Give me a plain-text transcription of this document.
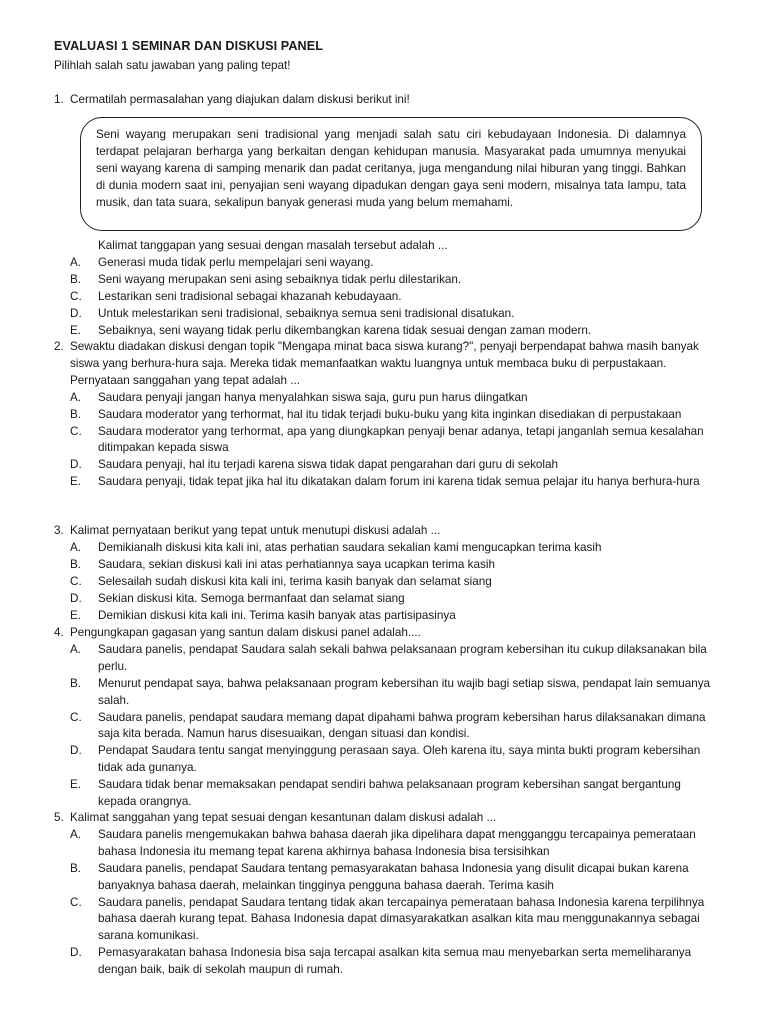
EVALUASI 1 SEMINAR DAN DISKUSI PANEL
Pilihlah salah satu jawaban yang paling tepat!
1. Cermatilah permasalahan yang diajukan dalam diskusi berikut ini!

Seni wayang merupakan seni tradisional yang menjadi salah satu ciri kebudayaan Indonesia. Di dalamnya terdapat pelajaran berharga yang berkaitan dengan kehidupan manusia. Masyarakat pada umumnya menyukai seni wayang karena di samping menarik dan padat ceritanya, juga mengandung nilai hiburan yang tinggi. Bahkan di dunia modern saat ini, penyajian seni wayang dipadukan dengan gaya seni modern, misalnya tata lampu, tata musik, dan tata suara, sekalipun banyak generasi muda yang belum memahami.

Kalimat tanggapan yang sesuai dengan masalah tersebut adalah ...
A.	Generasi muda tidak perlu mempelajari seni wayang.
B.	Seni wayang merupakan seni asing sebaiknya tidak perlu dilestarikan.
C.	Lestarikan seni tradisional sebagai khazanah kebudayaan.
D.	Untuk melestarikan seni tradisional, sebaiknya semua seni tradisional disatukan.
E.	Sebaiknya, seni wayang tidak perlu dikembangkan karena tidak sesuai dengan zaman modern.
2. Sewaktu diadakan diskusi dengan topik "Mengapa minat baca siswa kurang?", penyaji berpendapat bahwa masih banyak siswa yang berhura-hura saja. Mereka tidak memanfaatkan waktu luangnya untuk membaca buku di perpustakaan. Pernyataan sanggahan yang tepat adalah ...
A.	Saudara penyaji jangan hanya menyalahkan siswa saja, guru pun harus diingatkan
B.	Saudara moderator yang terhormat, hal itu tidak terjadi buku-buku yang kita inginkan disediakan di perpustakaan
C.	Saudara moderator yang terhormat, apa yang diungkapkan penyaji benar adanya, tetapi janganlah semua kesalahan ditimpakan kepada siswa
D.	Saudara penyaji, hal itu terjadi karena siswa tidak dapat pengarahan dari guru di sekolah
E.	Saudara penyaji, tidak tepat jika hal itu dikatakan dalam forum ini karena tidak semua pelajar itu hanya berhura-hura
3. Kalimat pernyataan berikut yang tepat untuk menutupi diskusi adalah ...
A.	Demikianalh diskusi kita kali ini, atas perhatian saudara sekalian kami mengucapkan terima kasih
B.	Saudara, sekian diskusi kali ini atas perhatiannya saya ucapkan terima kasih
C.	Selesailah sudah diskusi kita kali ini, terima kasih banyak dan selamat siang
D.	Sekian diskusi kita. Semoga bermanfaat dan selamat siang
E.	Demikian diskusi kita kali ini. Terima kasih banyak atas partisipasinya
4. Pengungkapan gagasan yang santun dalam diskusi panel adalah....
A.	Saudara panelis, pendapat Saudara salah sekali bahwa pelaksanaan program kebersihan itu cukup dilaksanakan bila perlu.
B.	Menurut pendapat saya, bahwa pelaksanaan program kebersihan itu wajib bagi setiap siswa, pendapat lain semuanya salah.
C.	Saudara panelis, pendapat saudara memang dapat dipahami bahwa program kebersihan harus dilaksanakan dimana saja kita berada. Namun harus disesuaikan, dengan situasi dan kondisi.
D.	Pendapat Saudara tentu sangat menyinggung perasaan saya. Oleh karena itu, saya minta bukti program kebersihan tidak ada gunanya.
E.	Saudara tidak benar memaksakan pendapat sendiri bahwa pelaksanaan program kebersihan sangat bergantung kepada orangnya.
5. Kalimat sanggahan yang tepat sesuai dengan kesantunan dalam diskusi adalah ...
A.	Saudara panelis mengemukakan bahwa bahasa daerah jika dipelihara dapat mengganggu tercapainya pemerataan bahasa Indonesia itu memang tepat karena akhirnya bahasa Indonesia bisa tersisihkan
B.	Saudara panelis, pendapat Saudara tentang pemasyarakatan bahasa Indonesia yang disulit dicapai bukan karena banyaknya bahasa daerah, melainkan tingginya pengguna bahasa daerah. Terima kasih
C.	Saudara panelis, pendapat Saudara tentang tidak akan tercapainya pemerataan bahasa Indonesia karena terpilihnya bahasa daerah kurang tepat. Bahasa Indonesia dapat dimasyarakatkan asalkan kita mau menggunakannya sebagai sarana komunikasi.
D.	Pemasyarakatan bahasa Indonesia bisa saja tercapai asalkan kita semua mau menyebarkan serta memeliharanya dengan baik, baik di sekolah maupun di rumah.
